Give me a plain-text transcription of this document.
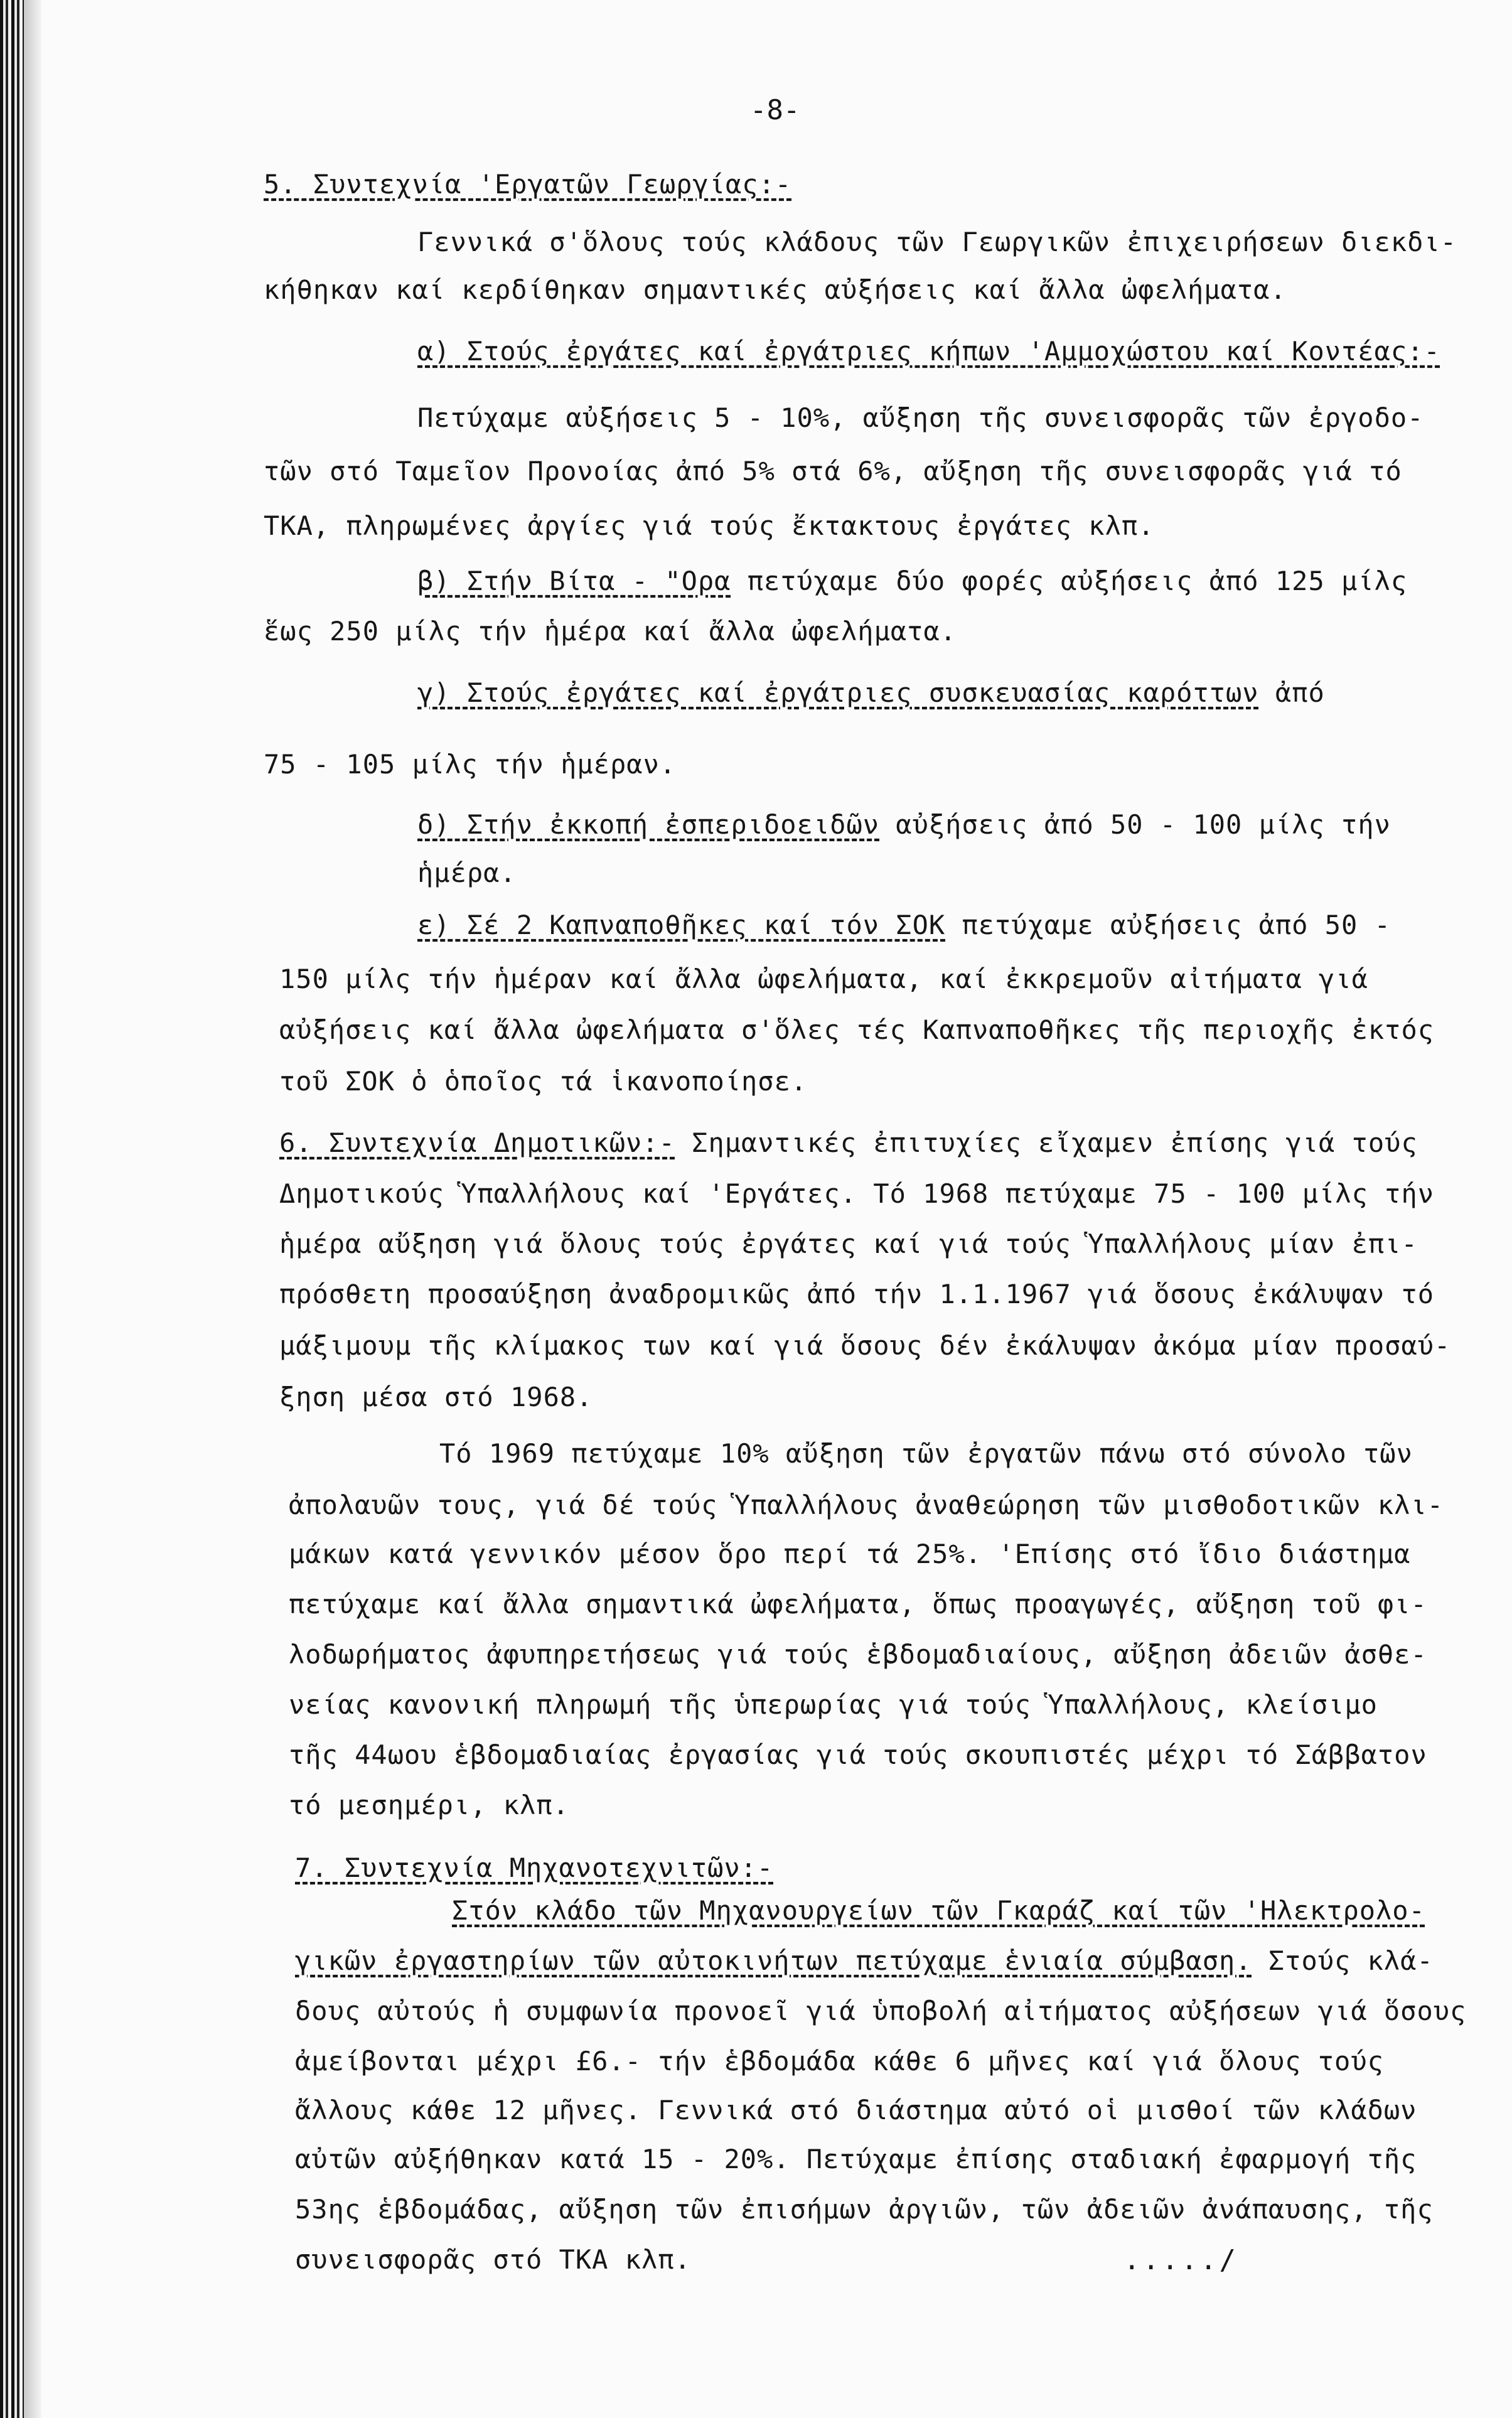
-8-
5. Συντεχνία 'Εργατῶν Γεωργίας:-
Γεννικά σ'ὅλους τούς κλάδους τῶν Γεωργικῶν ἐπιχειρήσεων διεκδι-
κήθηκαν καί κερδίθηκαν σημαντικές αὐξήσεις καί ἄλλα ὠφελήματα.
α) Στούς ἐργάτες καί ἐργάτριες κήπων 'Αμμοχώστου καί Κοντέας:-
Πετύχαμε αὐξήσεις 5 - 10%, αὔξηση τῆς συνεισφορᾶς τῶν ἐργοδο-
τῶν στό Ταμεῖον Προνοίας ἀπό 5% στά 6%, αὔξηση τῆς συνεισφορᾶς γιά τό
ΤΚΑ, πληρωμένες ἀργίες γιά τούς ἔκτακτους ἐργάτες κλπ.
β) Στήν Βίτα - "Ορα πετύχαμε δύο φορές αὐξήσεις ἀπό 125 μίλς
ἕως 250 μίλς τήν ἡμέρα καί ἄλλα ὠφελήματα.
γ) Στούς ἐργάτες καί ἐργάτριες συσκευασίας καρόττων ἀπό
75 - 105 μίλς τήν ἡμέραν.
δ) Στήν ἐκκοπή ἐσπεριδοειδῶν αὐξήσεις ἀπό 50 - 100 μίλς τήν
ἡμέρα.
ε) Σέ 2 Καπναποθῆκες καί τόν ΣΟΚ πετύχαμε αὐξήσεις ἀπό 50 -
150 μίλς τήν ἡμέραν καί ἄλλα ὠφελήματα, καί ἐκκρεμοῦν αἰτήματα γιά
αὐξήσεις καί ἄλλα ὠφελήματα σ'ὅλες τές Καπναποθῆκες τῆς περιοχῆς ἐκτός
τοῦ ΣΟΚ ὁ ὁποῖος τά ἱκανοποίησε.
6. Συντεχνία Δημοτικῶν:- Σημαντικές ἐπιτυχίες εἴχαμεν ἐπίσης γιά τούς
Δημοτικούς Ὑπαλλήλους καί 'Εργάτες. Τό 1968 πετύχαμε 75 - 100 μίλς τήν
ἡμέρα αὔξηση γιά ὅλους τούς ἐργάτες καί γιά τούς Ὑπαλλήλους μίαν ἐπι-
πρόσθετη προσαύξηση ἀναδρομικῶς ἀπό τήν 1.1.1967 γιά ὅσους ἐκάλυψαν τό
μάξιμουμ τῆς κλίμακος των καί γιά ὅσους δέν ἐκάλυψαν ἀκόμα μίαν προσαύ-
ξηση μέσα στό 1968.
Τό 1969 πετύχαμε 10% αὔξηση τῶν ἐργατῶν πάνω στό σύνολο τῶν
ἀπολαυῶν τους, γιά δέ τούς Ὑπαλλήλους ἀναθεώρηση τῶν μισθοδοτικῶν κλι-
μάκων κατά γεννικόν μέσον ὅρο περί τά 25%. 'Επίσης στό ἴδιο διάστημα
πετύχαμε καί ἄλλα σημαντικά ὠφελήματα, ὅπως προαγωγές, αὔξηση τοῦ φι-
λοδωρήματος ἀφυπηρετήσεως γιά τούς ἑβδομαδιαίους, αὔξηση ἀδειῶν ἀσθε-
νείας κανονική πληρωμή τῆς ὑπερωρίας γιά τούς Ὑπαλλήλους, κλείσιμο
τῆς 44ωου ἑβδομαδιαίας ἐργασίας γιά τούς σκουπιστές μέχρι τό Σάββατον
τό μεσημέρι, κλπ.
7. Συντεχνία Μηχανοτεχνιτῶν:-
Στόν κλάδο τῶν Μηχανουργείων τῶν Γκαράζ καί τῶν 'Ηλεκτρολο-
γικῶν ἐργαστηρίων τῶν αὐτοκινήτων πετύχαμε ἑνιαία σύμβαση. Στούς κλά-
δους αὐτούς ἡ συμφωνία προνοεῖ γιά ὑποβολή αἰτήματος αὐξήσεων γιά ὅσους
ἀμείβονται μέχρι £6.- τήν ἑβδομάδα κάθε 6 μῆνες καί γιά ὅλους τούς
ἄλλους κάθε 12 μῆνες. Γεννικά στό διάστημα αὐτό οἱ μισθοί τῶν κλάδων
αὐτῶν αὐξήθηκαν κατά 15 - 20%. Πετύχαμε ἐπίσης σταδιακή ἐφαρμογή τῆς
53ης ἑβδομάδας, αὔξηση τῶν ἐπισήμων ἀργιῶν, τῶν ἀδειῶν ἀνάπαυσης, τῆς
συνεισφορᾶς στό ΤΚΑ κλπ.	...../
